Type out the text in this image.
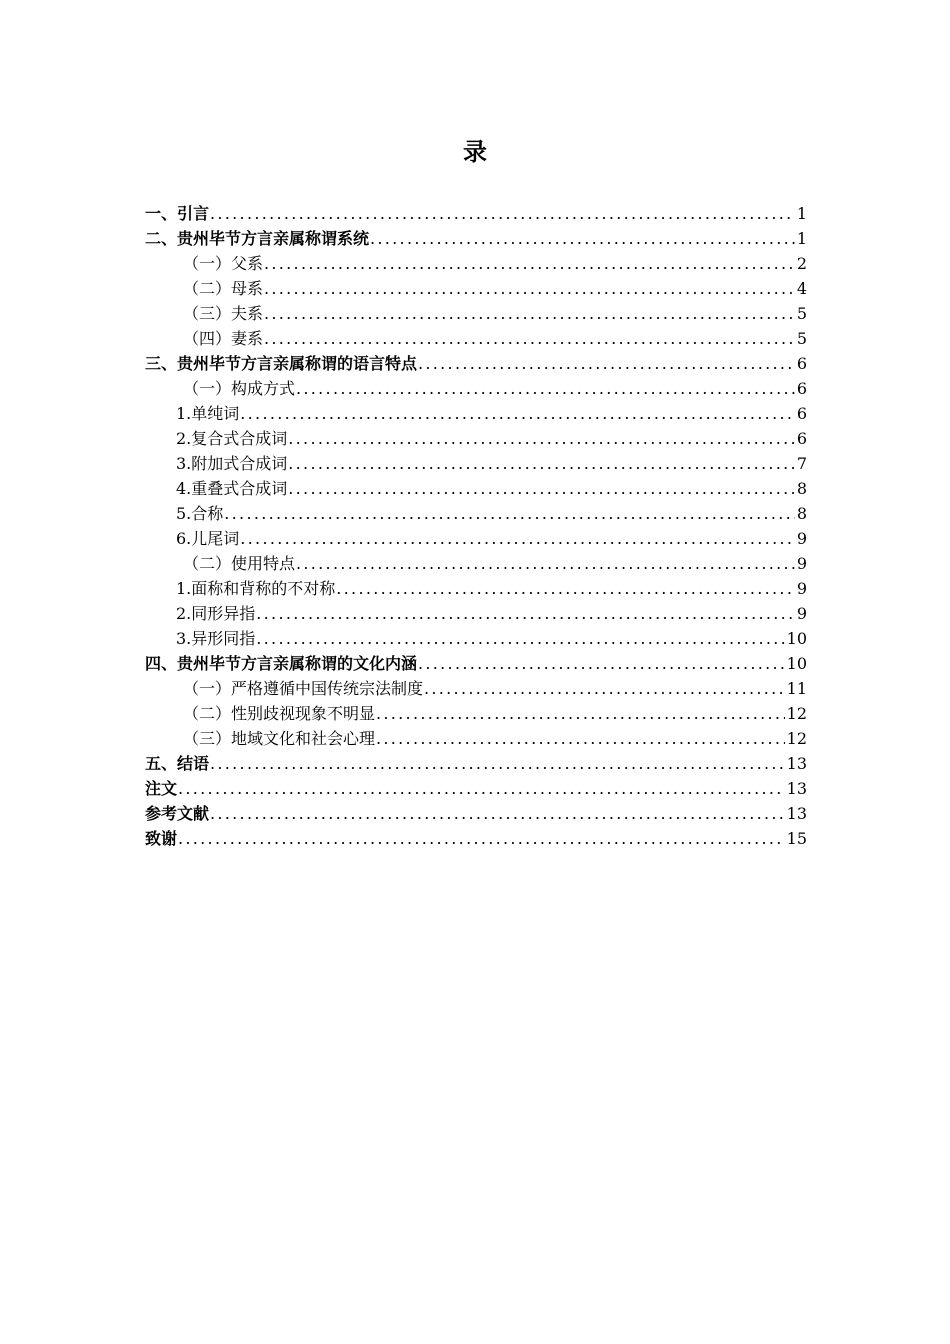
录
一、引言 .....	1
二、贵州毕节方言亲属称谓系统 .....	1
（一）父系 .....	2
（二）母系 .....	4
（三）夫系 .....	5
（四）妻系 .....	5
三、贵州毕节方言亲属称谓的语言特点 .....	6
（一）构成方式 .....	6
1.单纯词 .....	6
2.复合式合成词 .....	6
3.附加式合成词 .....	7
4.重叠式合成词 .....	8
5.合称 .....	8
6.儿尾词 .....	9
（二）使用特点 .....	9
1.面称和背称的不对称 .....	9
2.同形异指 .....	9
3.异形同指 .....	10
四、贵州毕节方言亲属称谓的文化内涵 .....	10
（一）严格遵循中国传统宗法制度 .....	11
（二）性别歧视现象不明显 .....	12
（三）地域文化和社会心理 .....	12
五、结语 .....	13
注文 .....	13
参考文献 .....	13
致谢 .....	15
